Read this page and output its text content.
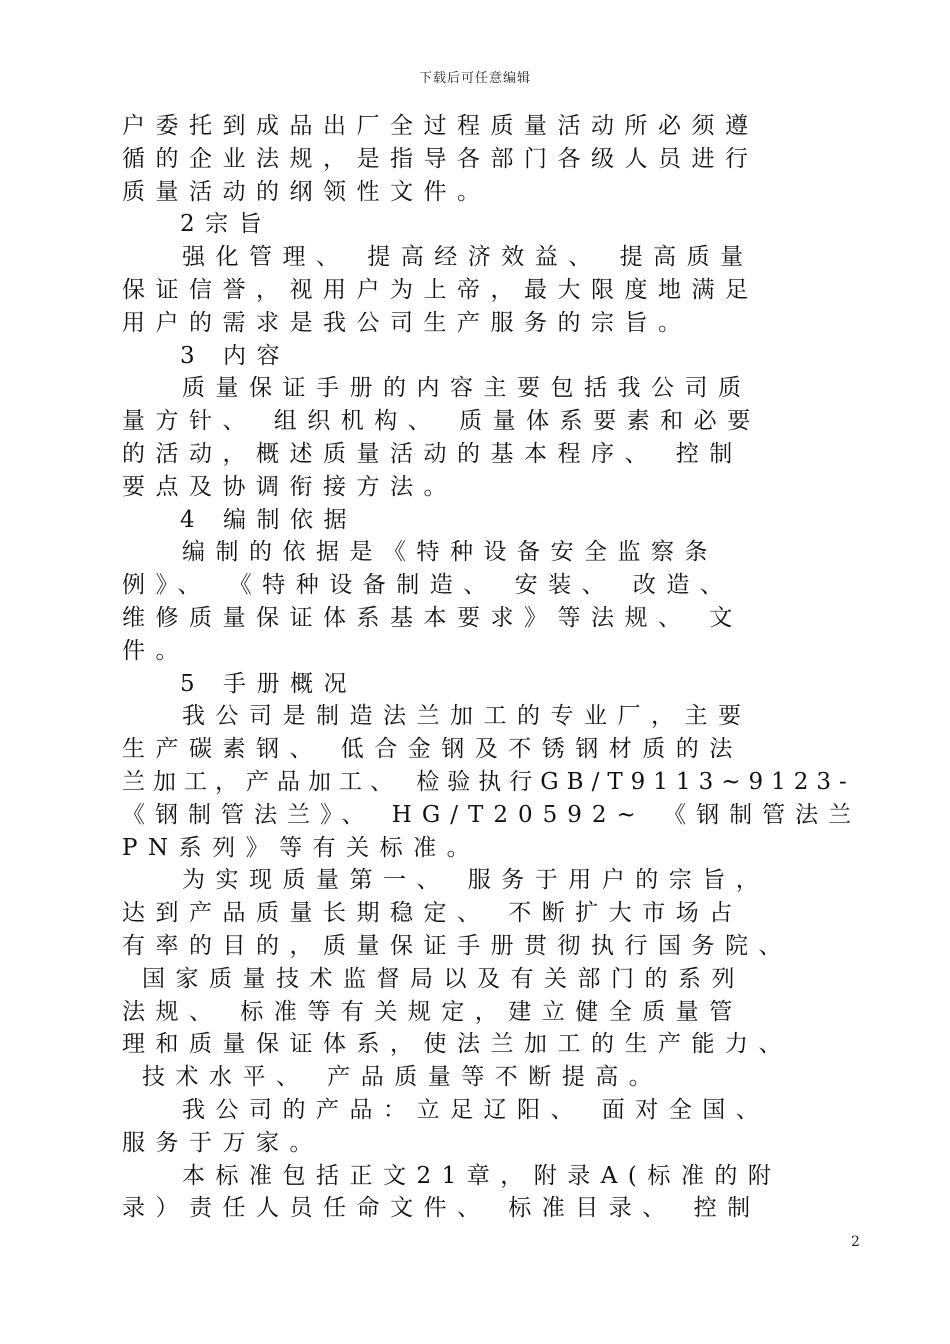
下载后可任意编辑
户委托到成品出厂全过程质量活动所必须遵
循的企业法规，是指导各部门各级人员进行
质量活动的纲领性文件。
2宗旨
强化管理、 提高经济效益、 提高质量
保证信誉，视用户为上帝，最大限度地满足
用户的需求是我公司生产服务的宗旨。
3 内容
质量保证手册的内容主要包括我公司质
量方针、 组织机构、 质量体系要素和必要
的活动，概述质量活动的基本程序、 控制
要点及协调衔接方法。
4 编制依据
编制的依据是《特种设备安全监察条
例》、 《特种设备制造、 安装、 改造、
维修质量保证体系基本要求》等法规、 文
件。
5 手册概况
我公司是制造法兰加工的专业厂，主要
生产碳素钢、 低合金钢及不锈钢材质的法
兰加工，产品加工、 检验执行GB/T9113~9123-
《钢制管法兰》、 HG/T20592~ 《钢制管法兰
PN系列》等有关标准。
为实现质量第一、 服务于用户的宗旨，
达到产品质量长期稳定、 不断扩大市场占
有率的目的，质量保证手册贯彻执行国务院、
国家质量技术监督局以及有关部门的系列
法规、 标准等有关规定，建立健全质量管
理和质量保证体系，使法兰加工的生产能力、
技术水平、 产品质量等不断提高。
我公司的产品：立足辽阳、 面对全国、
服务于万家。
本标准包括正文21章，附录A(标准的附
录）责任人员任命文件、 标准目录、 控制
2
